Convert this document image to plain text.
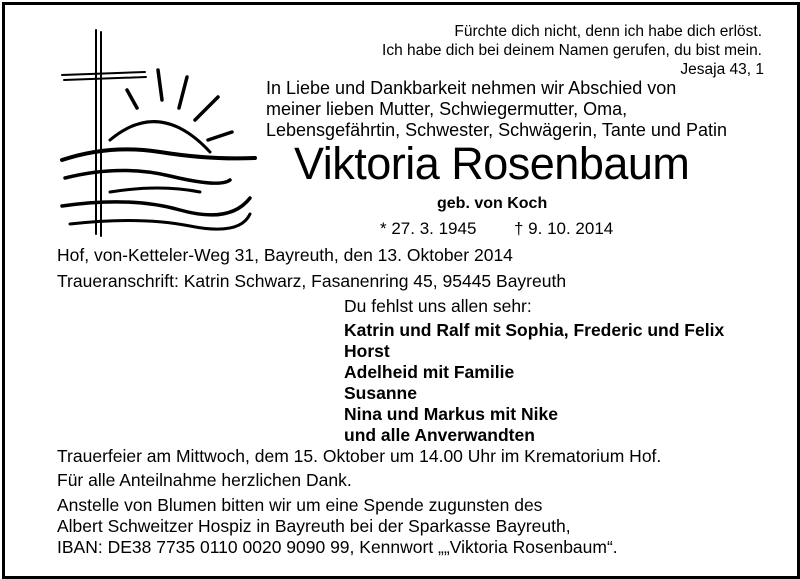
Fürchte dich nicht, denn ich habe dich erlöst.
Ich habe dich bei deinem Namen gerufen, du bist mein.
Jesaja 43, 1
In Liebe und Dankbarkeit nehmen wir Abschied von
meiner lieben Mutter, Schwiegermutter, Oma,
Lebensgefährtin, Schwester, Schwägerin, Tante und Patin
Viktoria Rosenbaum
geb. von Koch
* 27. 3. 1945 † 9. 10. 2014
Hof, von-Ketteler-Weg 31, Bayreuth, den 13. Oktober 2014
Traueranschrift: Katrin Schwarz, Fasanenring 45, 95445 Bayreuth
Du fehlst uns allen sehr:
Katrin und Ralf mit Sophia, Frederic und Felix
Horst
Adelheid mit Familie
Susanne
Nina und Markus mit Nike
und alle Anverwandten
Trauerfeier am Mittwoch, dem 15. Oktober um 14.00 Uhr im Krematorium Hof.
Für alle Anteilnahme herzlichen Dank.
Anstelle von Blumen bitten wir um eine Spende zugunsten des
Albert Schweitzer Hospiz in Bayreuth bei der Sparkasse Bayreuth,
IBAN: DE38 7735 0110 0020 9090 99, Kennwort „„Viktoria Rosenbaum“.
